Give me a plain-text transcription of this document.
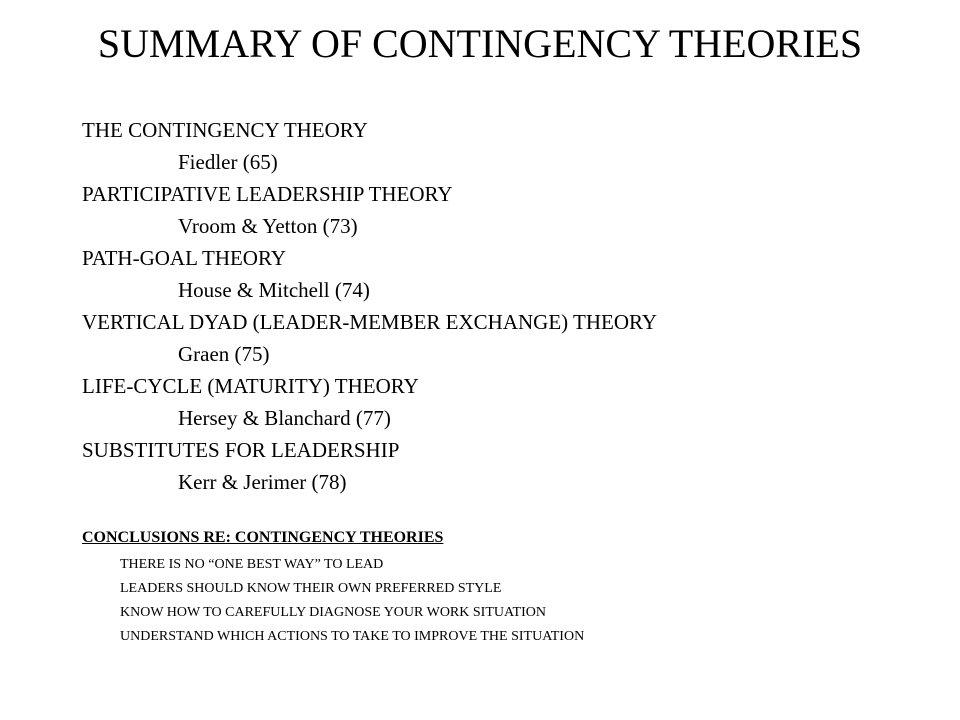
SUMMARY OF CONTINGENCY THEORIES
THE CONTINGENCY THEORY
Fiedler (65)
PARTICIPATIVE LEADERSHIP THEORY
Vroom & Yetton (73)
PATH-GOAL THEORY
House & Mitchell (74)
VERTICAL DYAD (LEADER-MEMBER EXCHANGE) THEORY
Graen (75)
LIFE-CYCLE (MATURITY) THEORY
Hersey & Blanchard (77)
SUBSTITUTES FOR LEADERSHIP
Kerr & Jerimer (78)
CONCLUSIONS RE: CONTINGENCY THEORIES
THERE IS NO “ONE BEST WAY” TO LEAD
LEADERS SHOULD KNOW THEIR OWN PREFERRED STYLE
KNOW HOW TO CAREFULLY DIAGNOSE YOUR WORK SITUATION
UNDERSTAND WHICH ACTIONS TO TAKE TO IMPROVE THE SITUATION
